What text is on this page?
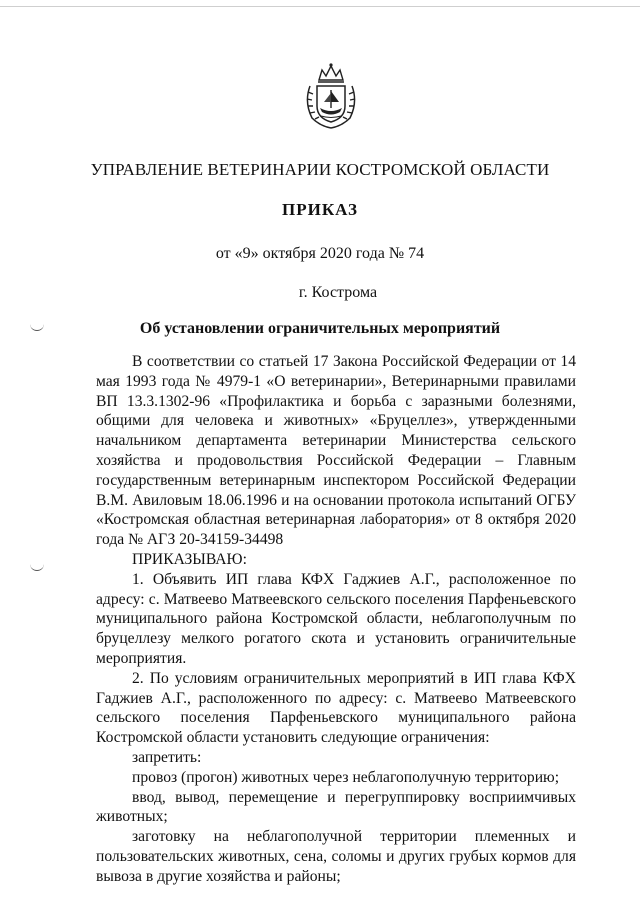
УПРАВЛЕНИЕ ВЕТЕРИНАРИИ КОСТРОМСКОЙ ОБЛАСТИ
ПРИКАЗ
от «9» октября 2020 года № 74
г. Кострома
Об установлении ограничительных мероприятий

В соответствии со статьей 17 Закона Российской Федерации от 14 мая 1993 года № 4979-1 «О ветеринарии», Ветеринарными правилами ВП 13.3.1302-96 «Профилактика и борьба с заразными болезнями, общими для человека и животных» «Бруцеллез», утвержденными начальником департамента ветеринарии Министерства сельского хозяйства и продовольствия Российской Федерации – Главным государственным ветеринарным инспектором Российской Федерации В.М. Авиловым 18.06.1996 и на основании протокола испытаний ОГБУ «Костромская областная ветеринарная лаборатория» от 8 октября 2020 года № АГЗ 20-34159-34498

ПРИКАЗЫВАЮ:

1. Объявить ИП глава КФХ Гаджиев А.Г., расположенное по адресу: с. Матвеево Матвеевского сельского поселения Парфеньевского муниципального района Костромской области, неблагополучным по бруцеллезу мелкого рогатого скота и установить ограничительные мероприятия.

2. По условиям ограничительных мероприятий в ИП глава КФХ Гаджиев А.Г., расположенного по адресу: с. Матвеево Матвеевского сельского поселения Парфеньевского муниципального района Костромской области установить следующие ограничения:

запретить:

провоз (прогон) животных через неблагополучную территорию;

ввод, вывод, перемещение и перегруппировку восприимчивых животных;

заготовку на неблагополучной территории племенных и пользовательских животных, сена, соломы и других грубых кормов для вывоза в другие хозяйства и районы;
